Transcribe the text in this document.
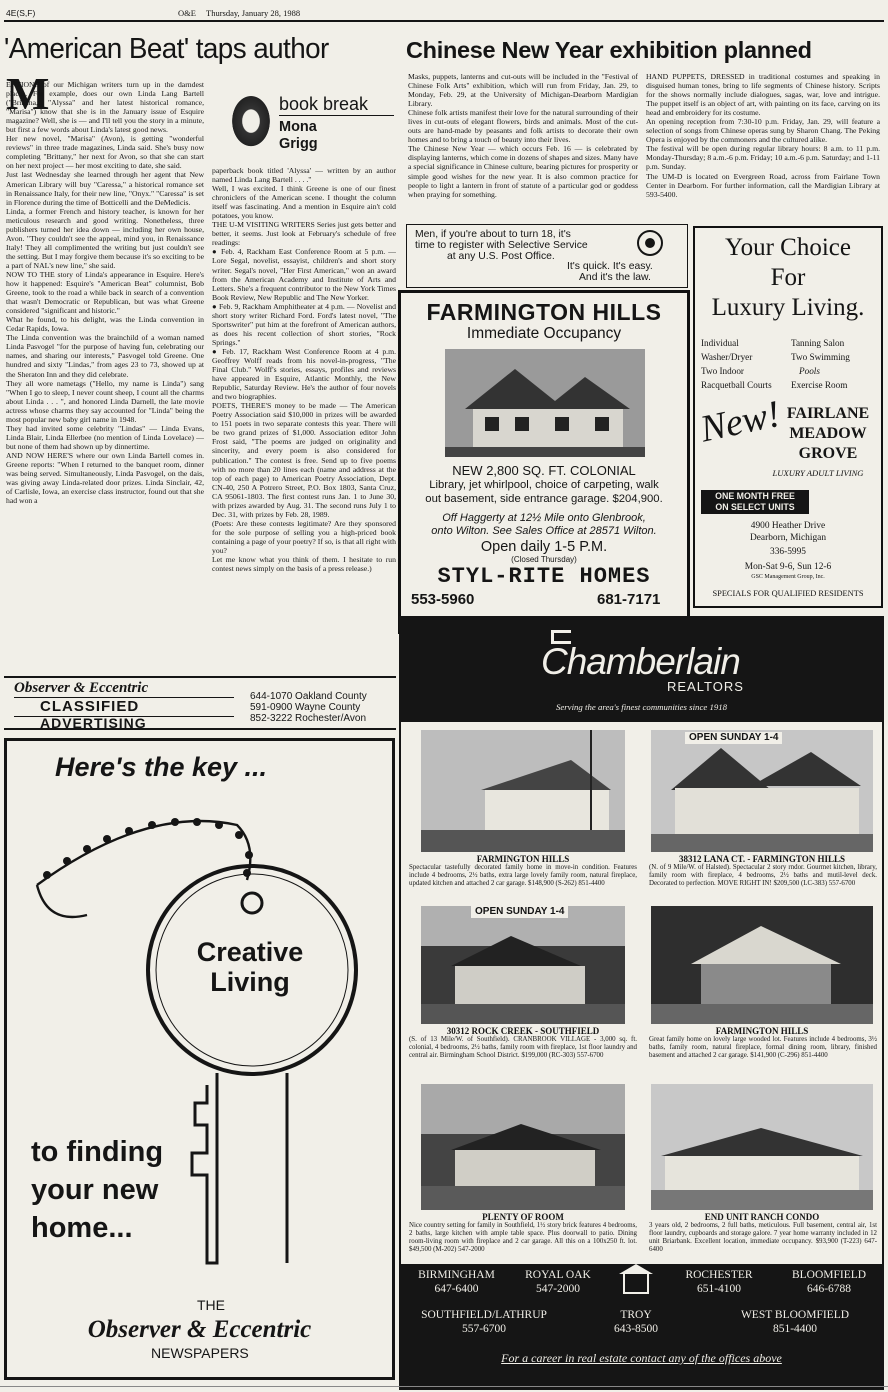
4E(S,F)	O&E Thursday, January 28, 1988
'American Beat' taps author
M
ENTIONS of our Michigan writers turn up in the darndest places. For example, does our own Linda Lang Bartell ("Brianna," "Alyssa" and her latest historical romance, "Marisa") know that she is in the January issue of Esquire magazine? Well, she is — and I'll tell you the story in a minute, but first a few words about Linda's latest good news.
Her new novel, "Marisa" (Avon), is getting "wonderful reviews" in three trade magazines, Linda said. She's busy now completing "Brittany," her next for Avon, so that she can start on her next project — her most exciting to date, she said.
Just last Wednesday she learned through her agent that New American Library will buy "Caressa," a historical romance set in Renaissance Italy, for their new line, "Onyx." "Caressa" is set in Florence during the time of Botticelli and the DeMedicis.
Linda, a former French and history teacher, is known for her meticulous research and good writing. Nonetheless, three publishers turned her idea down — including her own house, Avon. "They couldn't see the appeal, mind you, in Renaissance Italy! They all complimented the writing but just couldn't see the setting. But I may forgive them because it's so exciting to be a part of NAL's new line," she said.
NOW TO THE story of Linda's appearance in Esquire. Here's how it happened: Esquire's "American Beat" columnist, Bob Greene, took to the road a while back in search of a convention that wasn't Democratic or Republican, but was what Greene considered "significant and historic."
What he found, to his delight, was the Linda convention in Cedar Rapids, Iowa.
The Linda convention was the brainchild of a woman named Linda Pasvogel "for the purpose of having fun, celebrating our names, and sharing our interests," Pasvogel told Greene. One hundred and sixty "Lindas," from ages 23 to 73, showed up at the Sheraton Inn and they did celebrate.
They all wore nametags ("Hello, my name is Linda") sang "When I go to sleep, I never count sheep, I count all the charms about Linda . . . ", and honored Linda Darnell, the late movie actress whose charms they say accounted for "Linda" being the most popular new baby girl name in 1948.
They had invited some celebrity "Lindas" — Linda Evans, Linda Blair, Linda Ellerbee (no mention of Linda Lovelace) — but none of them had shown up by dinnertime.
AND NOW HERE'S where our own Linda Bartell comes in. Greene reports: "When I returned to the banquet room, dinner was being served. Simultaneously, Linda Pasvogel, on the dais, was giving away Linda-related door prizes. Linda Sinclair, 42, of Carlisle, Iowa, an exercise class instructor, found out that she had won a
book break
Mona Grigg
paperback book titled 'Alyssa' — written by an author named Linda Lang Bartell . . . ."
Well, I was excited. I think Greene is one of our finest chroniclers of the American scene. I thought the column itself was fascinating. And a mention in Esquire ain't cold potatoes, you know.
THE U-M VISITING WRITERS Series just gets better and better, it seems. Just look at February's schedule of free readings:
● Feb. 4, Rackham East Conference Room at 5 p.m. — Lore Segal, novelist, essayist, children's and short story writer. Segal's novel, "Her First American," won an award from the American Academy and Institute of Arts and Letters. She's a frequent contributor to the New York Times Book Review, New Republic and The New Yorker.
● Feb. 9, Rackham Amphitheater at 4 p.m. — Novelist and short story writer Richard Ford. Ford's latest novel, "The Sportswriter" put him at the forefront of American authors, as does his recent collection of short stories, "Rock Springs."
● Feb. 17, Rackham West Conference Room at 4 p.m. Geoffrey Wolff reads from his novel-in-progress, "The Final Club." Wolff's stories, essays, profiles and reviews have appeared in Esquire, Atlantic Monthly, the New Republic, Saturday Review. He's the author of four novels and two biographies.
POETS, THERE'S money to be made — The American Poetry Association said $10,000 in prizes will be awarded to 151 poets in two separate contests this year. There will be two grand prizes of $1,000. Association editor John Frost said, "The poems are judged on originality and sincerity, and every poem is also considered for publication." The contest is free. Send up to five poems with no more than 20 lines each (name and address at the top of each page) to American Poetry Association, Dept. CN-40, 250 A Potrero Street, P.O. Box 1803, Santa Cruz, CA 95061-1803. The first contest runs Jan. 1 to June 30, with prizes awarded by Aug. 31. The second runs July 1 to Dec. 31, with prizes by Feb. 28, 1989.
(Poets: Are these contests legitimate? Are they sponsored for the sole purpose of selling you a high-priced book containing a page of your poetry? If so, is that all right with you?
Let me know what you think of them. I hesitate to run contest news simply on the basis of a press release.)
Chinese New Year exhibition planned
Masks, puppets, lanterns and cut-outs will be included in the "Festival of Chinese Folk Arts" exhibition, which will run from Friday, Jan. 29, to Monday, Feb. 29, at the University of Michigan-Dearborn Mardigian Library.
Chinese folk artists manifest their love for the natural surrounding of their lives in cut-outs of elegant flowers, birds and animals. Most of the cut-outs are hand-made by peasants and folk artists to decorate their own homes and to bring a touch of beauty into their lives.
The Chinese New Year — which occurs Feb. 16 — is celebrated by displaying lanterns, which come in dozens of shapes and sizes. Many have a special significance in Chinese culture, bearing pictures for prosperity or simple good wishes for the new year. It is also common practice for people to light a lantern in front of statute of a particular god or goddess when praying for something.
HAND PUPPETS, DRESSED in traditional costumes and speaking in disguised human tones, bring to life segments of Chinese history. Scripts for the shows normally include dialogues, sagas, war, love and intrigue. The puppet itself is an object of art, with painting on its face, carving on its head and embroidery for its costume.
An opening reception from 7:30-10 p.m. Friday, Jan. 29, will feature a selection of songs from Chinese operas sung by Sharon Chang. The Peking Opera is enjoyed by the commoners and the cultured alike.
The festival will be open during regular library hours: 8 a.m. to 11 p.m. Monday-Thursday; 8 a.m.-6 p.m. Friday; 10 a.m.-6 p.m. Saturday; and 1-11 p.m. Sunday.
The UM-D is located on Evergreen Road, across from Fairlane Town Center in Dearborn. For further information, call the Mardigian Library at 593-5400.
Men, if you're about to turn 18, it's
time to register with Selective Service
at any U.S. Post Office.
It's quick. It's easy.
And it's the law.
FARMINGTON HILLS
Immediate Occupancy
NEW 2,800 SQ. FT. COLONIAL
Library, jet whirlpool, choice of carpeting, walk
out basement, side entrance garage. $204,900.
Off Haggerty at 12½ Mile onto Glenbrook,
onto Wilton. See Sales Office at 28571 Wilton.
Open daily 1-5 P.M.
(Closed Thursday)
STYL-RITE HOMES
553-5960	681-7171
Your Choice
For
Luxury Living.
Individual
Washer/Dryer
Two Indoor
Racquetball Courts
Tanning Salon
Two Swimming
Pools
Exercise Room
New! FAIRLANE
MEADOW
GROVE
LUXURY ADULT LIVING
ONE MONTH FREE
ON SELECT UNITS
4900 Heather Drive
Dearborn, Michigan
336-5995
Mon-Sat 9-6, Sun 12-6
GSC Management Group, Inc.
SPECIALS FOR QUALIFIED RESIDENTS
Observer & Eccentric
CLASSIFIED
ADVERTISING
644-1070 Oakland County
591-0900 Wayne County
852-3222 Rochester/Avon
Here's the key ...
Creative
Living
to finding
your new
home...
THE
Observer & Eccentric
NEWSPAPERS
Chamberlain
REALTORS
Serving the area's finest communities since 1918
FARMINGTON HILLS
Spectacular tastefully decorated family home in move-in condition. Features include 4 bedrooms, 2½ baths, extra large lovely family room, natural fireplace, updated kitchen and attached 2 car garage. $148,900 (S-262) 851-4400
OPEN SUNDAY 1-4
38312 LANA CT. - FARMINGTON HILLS
(N. of 9 Mile/W. of Halsted). Spectacular 2 story rndor. Gourmet kitchen, library, family room with fireplace, 4 bedrooms, 2½ baths and mutil-level deck. Decorated to perfection. MOVE RIGHT IN! $209,500 (LC-383) 557-6700
OPEN SUNDAY 1-4
30312 ROCK CREEK - SOUTHFIELD
(S. of 13 Mile/W. of Southfield). CRANBROOK VILLAGE - 3,000 sq. ft. colonial, 4 bedrooms, 2½ baths, family room with fireplace, 1st floor laundry and central air. Birmingham School District. $199,000 (RC-303) 557-6700
FARMINGTON HILLS
Great family home on lovely large wooded lot. Features include 4 bedrooms, 3½ baths, family room, natural fireplace, formal dining room, library, finished basement and attached 2 car garage. $141,900 (C-296) 851-4400
PLENTY OF ROOM
Nice country setting for family in Southfield, 1½ story brick features 4 bedrooms, 2 baths, large kitchen with ample table space. Plus doorwall to patio. Dining room-living room with fireplace and 2 car garage. All this on a 100x250 ft. lot. $49,500 (M-202) 547-2000
END UNIT RANCH CONDO
3 years old, 2 bedrooms, 2 full baths, meticulous. Full basement, central air, 1st floor laundry, cupboards and storage galore. 7 year home warranty included in 12 unit Briarbank. Excellent location, immediate occupancy. $93,900 (T-223) 647-6400
BIRMINGHAM
647-6400
ROYAL OAK
547-2000
ROCHESTER
651-4100
BLOOMFIELD
646-6788
SOUTHFIELD/LATHRUP
557-6700
TROY
643-8500
WEST BLOOMFIELD
851-4400
For a career in real estate contact any of the offices above
